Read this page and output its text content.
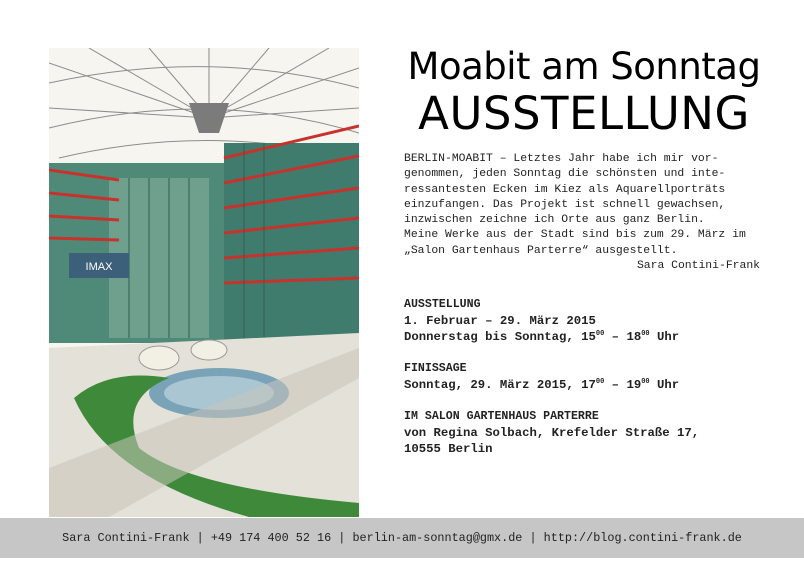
IMAX
Moabit am Sonntag
AUSSTELLUNG

BERLIN-MOABIT – Letztes Jahr habe ich mir vor-

genommen, jeden Sonntag die schönsten und inte-

ressantesten Ecken im Kiez als Aquarellporträts

einzufangen. Das Projekt ist schnell gewachsen,

inzwischen zeichne ich Orte aus ganz Berlin.

Meine Werke aus der Stadt sind bis zum 29. März im

„Salon Gartenhaus Parterre“ ausgestellt.

Sara Contini-Frank

AUSSTELLUNG
1. Februar – 29. März 2015
Donnerstag bis Sonntag, $15^{00} - 18^{00}$ Uhr
FINISSAGE
Sonntag, 29. März 2015, $17^{00} - 19^{00}$ Uhr
IM SALON GARTENHAUS PARTERRE
von Regina Solbach, Krefelder Straße 17,
10555 Berlin
Sara Contini-Frank | +49 174 400 52 16 | berlin-am-sonntag@gmx.de | http://blog.contini-frank.de
